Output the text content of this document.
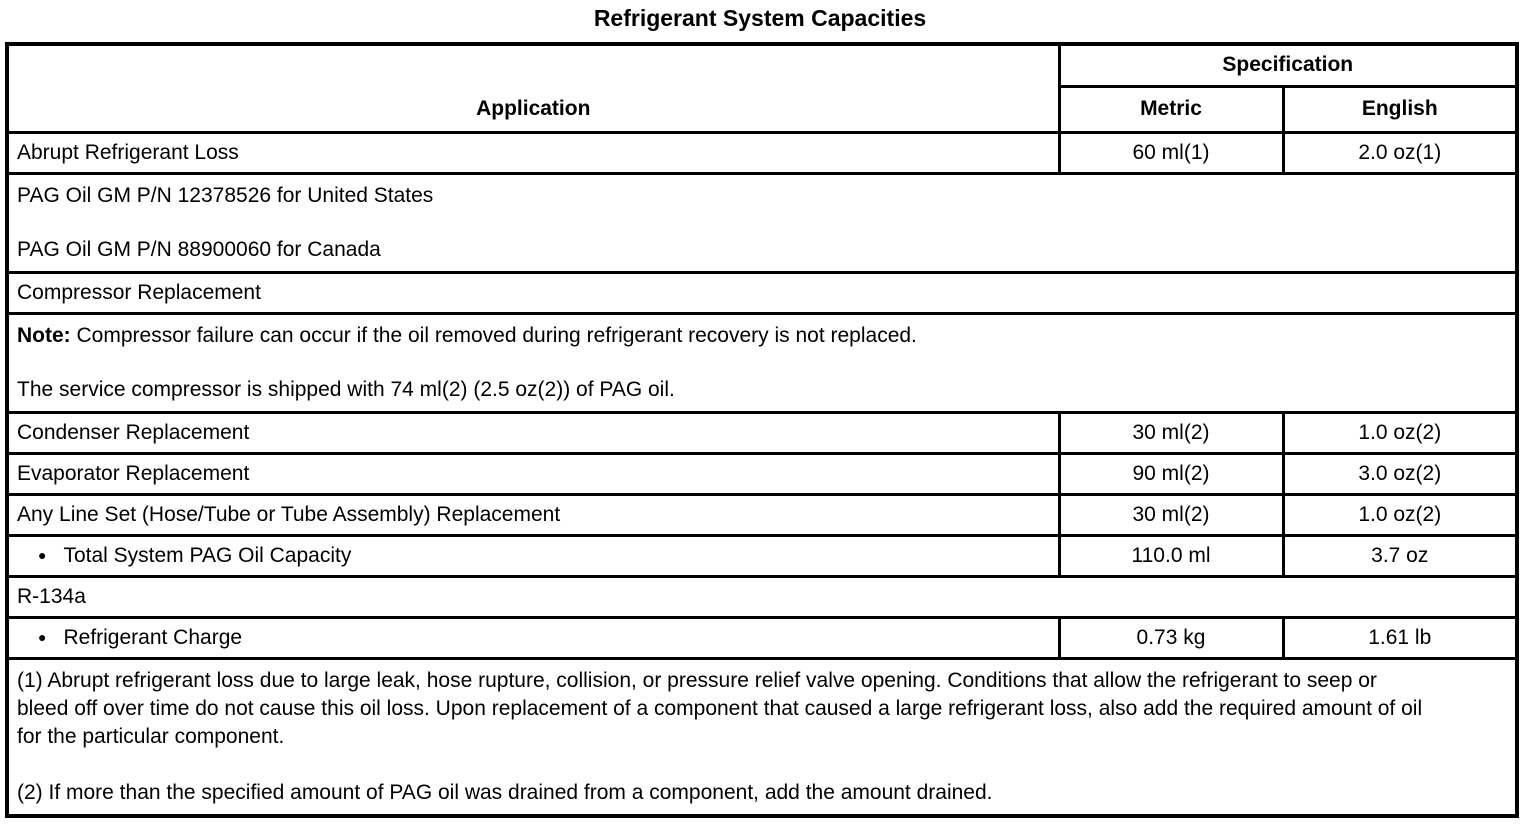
Refrigerant System Capacities
Application	Specification	
	Metric	English
Abrupt Refrigerant Loss	60 ml(1)	2.0 oz(1)

PAG Oil GM P/N 12378526 for United States
PAG Oil GM P/N 88900060 for Canada		

Compressor Replacement		

Note: Compressor failure can occur if the oil removed during refrigerant recovery is not replaced.
The service compressor is shipped with 74 ml(2) (2.5 oz(2)) of PAG oil.		

Condenser Replacement	30 ml(2)	1.0 oz(2)
Evaporator Replacement	90 ml(2)	3.0 oz(2)
Any Line Set (Hose/Tube or Tube Assembly) Replacement	30 ml(2)	1.0 oz(2)
● Total System PAG Oil Capacity	110.0 ml	3.7 oz
R-134a		
● Refrigerant Charge	0.73 kg	1.61 lb

(1) Abrupt refrigerant loss due to large leak, hose rupture, collision, or pressure relief valve opening. Conditions that allow the refrigerant to seep or bleed off over time do not cause this oil loss. Upon replacement of a component that caused a large refrigerant loss, also add the required amount of oil for the particular component.
(2) If more than the specified amount of PAG oil was drained from a component, add the amount drained.		
